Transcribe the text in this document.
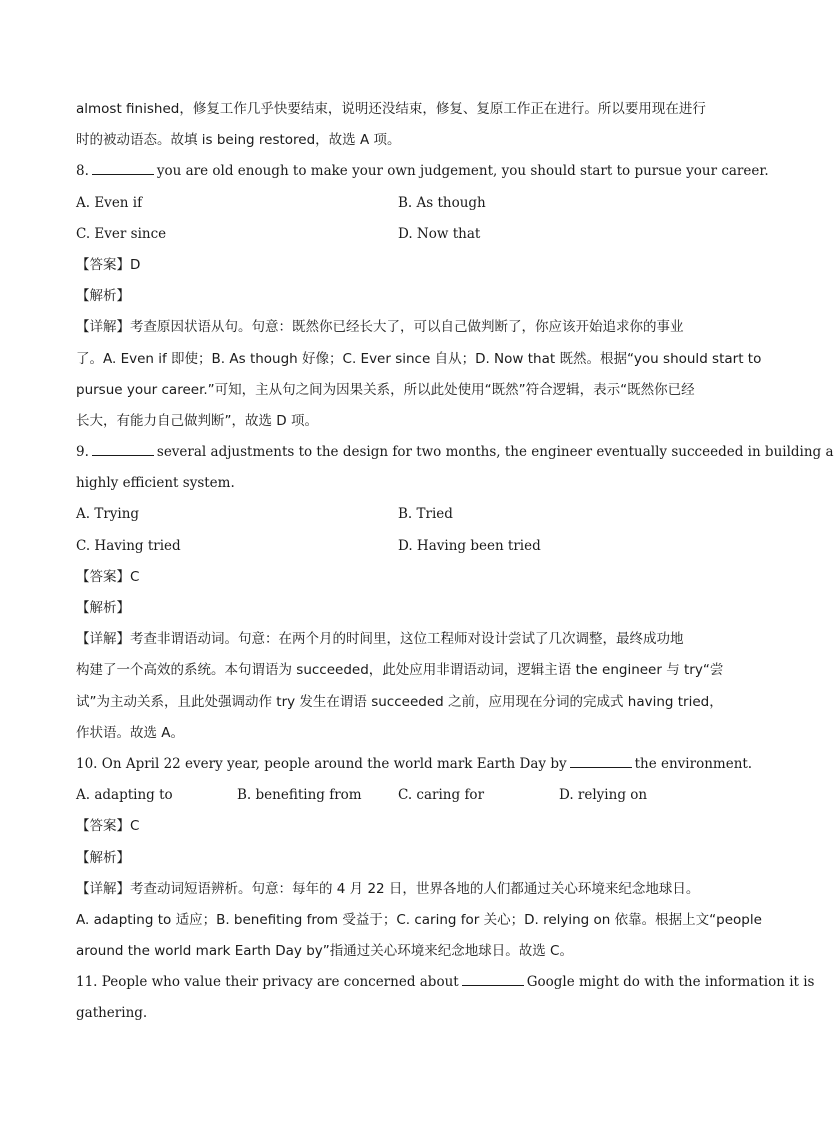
almost finished，修复工作几乎快要结束，说明还没结束，修复、复原工作正在进行。所以要用现在进行
时的被动语态。故填 is being restored，故选 A 项。
8.	you are old enough to make your own judgement, you should start to pursue your career.
A. Even if	B. As though
C. Ever since	D. Now that
【答案】D
【解析】
【详解】考查原因状语从句。句意：既然你已经长大了，可以自己做判断了，你应该开始追求你的事业
了。A. Even if 即使；B. As though 好像；C. Ever since 自从；D. Now that 既然。根据“you should start to
pursue your career.”可知，主从句之间为因果关系，所以此处使用“既然”符合逻辑，表示“既然你已经
长大，有能力自己做判断”，故选 D 项。
9.	several adjustments to the design for two months, the engineer eventually succeeded in building a
highly efficient system.
A. Trying	B. Tried
C. Having tried	D. Having been tried
【答案】C
【解析】
【详解】考查非谓语动词。句意：在两个月的时间里，这位工程师对设计尝试了几次调整，最终成功地
构建了一个高效的系统。本句谓语为 succeeded，此处应用非谓语动词，逻辑主语 the engineer 与 try“尝
试”为主动关系，且此处强调动作 try 发生在谓语 succeeded 之前，应用现在分词的完成式 having tried，
作状语。故选 A。
10. On April 22 every year, people around the world mark Earth Day by	the environment.
A. adapting to	B. benefiting from	C. caring for	D. relying on
【答案】C
【解析】
【详解】考查动词短语辨析。句意：每年的 4 月 22 日，世界各地的人们都通过关心环境来纪念地球日。
A. adapting to 适应；B. benefiting from 受益于；C. caring for 关心；D. relying on 依靠。根据上文“people
around the world mark Earth Day by”指通过关心环境来纪念地球日。故选 C。
11. People who value their privacy are concerned about	Google might do with the information it is
gathering.
